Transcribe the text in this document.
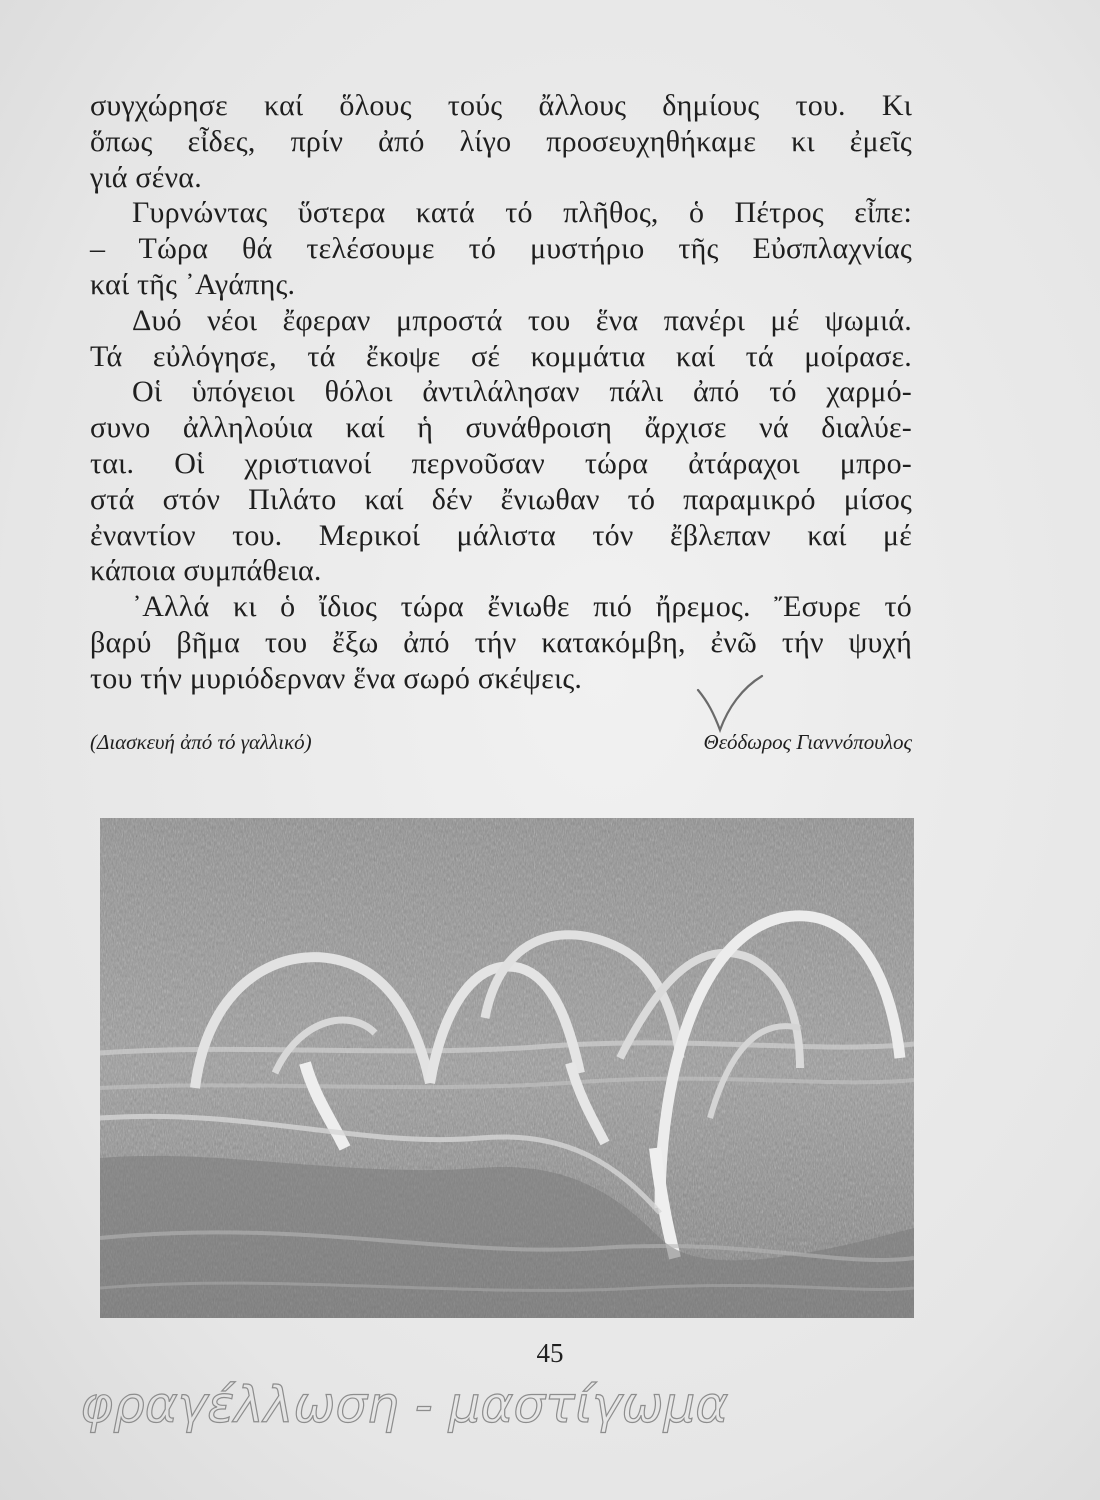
συγχώρησε καί ὅλους τούς ἄλλους δημίους του. Κι
ὅπως εἶδες, πρίν ἀπό λίγο προσευχηθήκαμε κι ἐμεῖς
γιά σένα.
Γυρνώντας ὕστερα κατά τό πλῆθος, ὁ Πέτρος εἶπε:
– Τώρα θά τελέσουμε τό μυστήριο τῆς Εὐσπλαχνίας
καί τῆς ᾿Αγάπης.
Δυό νέοι ἔφεραν μπροστά του ἕνα πανέρι μέ ψωμιά.
Τά εὐλόγησε, τά ἔκοψε σέ κομμάτια καί τά μοίρασε.
Οἱ ὑπόγειοι θόλοι ἀντιλάλησαν πάλι ἀπό τό χαρμό-
συνο ἀλληλούια καί ἡ συνάθροιση ἄρχισε νά διαλύε-
ται. Οἱ χριστιανοί περνοῦσαν τώρα ἀτάραχοι μπρο-
στά στόν Πιλάτο καί δέν ἔνιωθαν τό παραμικρό μίσος
ἐναντίον του. Μερικοί μάλιστα τόν ἔβλεπαν καί μέ
κάποια συμπάθεια.
᾿Αλλά κι ὁ ἴδιος τώρα ἔνιωθε πιό ἤρεμος. Ἔσυρε τό
βαρύ βῆμα του ἔξω ἀπό τήν κατακόμβη, ἐνῶ τήν ψυχή
του τήν μυριόδερναν ἕνα σωρό σκέψεις.
(Διασκευή ἀπό τό γαλλικό)	Θεόδωρος Γιαννόπουλος
45
φραγέλλωση - μαστίγωμα
